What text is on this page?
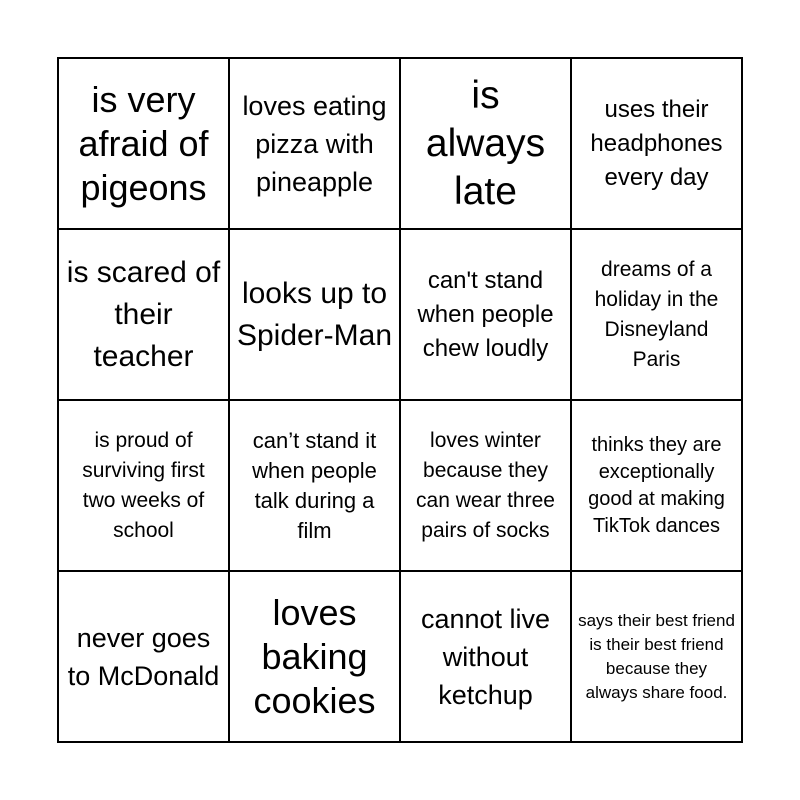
is very afraid of pigeons
loves eating pizza with pineapple
is always late
uses their headphones every day
is scared of their teacher
looks up to Spider-Man
can't stand when people chew loudly
dreams of a holiday in the Disneyland Paris
is proud of surviving first two weeks of school
can’t stand it when people talk during a film
loves winter because they can wear three pairs of socks
thinks they are exceptionally good at making TikTok dances
never goes to McDonald
loves baking cookies
cannot live without ketchup
says their best friend is their best friend because they always share food.
